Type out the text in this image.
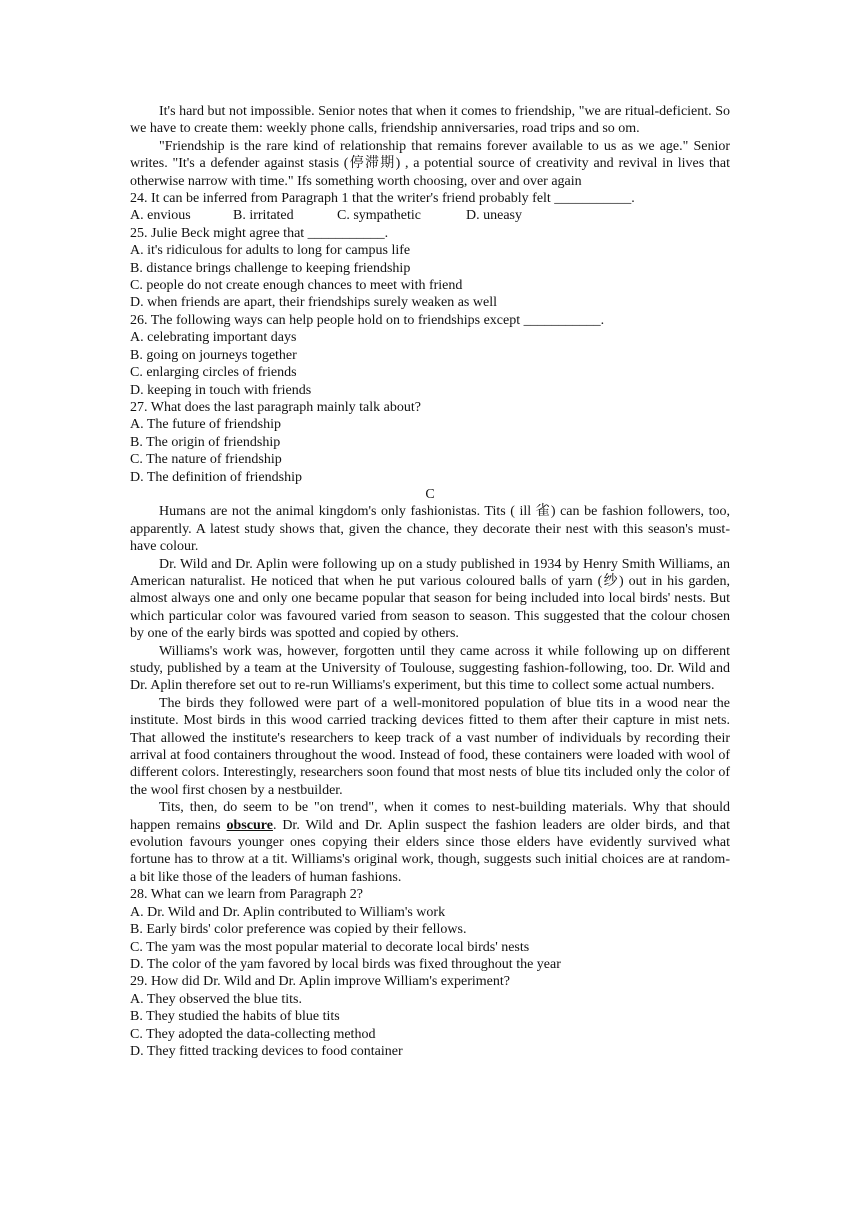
It's hard but not impossible. Senior notes that when it comes to friendship, "we are ritual-deficient. So we have to create them: weekly phone calls, friendship anniversaries, road trips and so om.

"Friendship is the rare kind of relationship that remains forever available to us as we age." Senior writes. "It's a defender against stasis (停滞期) , a potential source of creativity and revival in lives that otherwise narrow with time." Ifs something worth choosing, over and over again

24. It can be inferred from Paragraph 1 that the writer's friend probably felt ___________.

A. envious	B. irritated	C. sympathetic	D. uneasy

25. Julie Beck might agree that ___________.

A. it's ridiculous for adults to long for campus life

B. distance brings challenge to keeping friendship

C. people do not create enough chances to meet with friend

D. when friends are apart, their friendships surely weaken as well

26. The following ways can help people hold on to friendships except ___________.

A. celebrating important days

B. going on journeys together

C. enlarging circles of friends

D. keeping in touch with friends

27. What does the last paragraph mainly talk about?

A. The future of friendship

B. The origin of friendship

C. The nature of friendship

D. The definition of friendship

C

Humans are not the animal kingdom's only fashionistas. Tits ( ill 雀) can be fashion followers, too, apparently. A latest study shows that, given the chance, they decorate their nest with this season's must-have colour.

Dr. Wild and Dr. Aplin were following up on a study published in 1934 by Henry Smith Williams, an American naturalist. He noticed that when he put various coloured balls of yarn (纱) out in his garden, almost always one and only one became popular that season for being included into local birds' nests. But which particular color was favoured varied from season to season. This suggested that the colour chosen by one of the early birds was spotted and copied by others.

Williams's work was, however, forgotten until they came across it while following up on different study, published by a team at the University of Toulouse, suggesting fashion-following, too. Dr. Wild and Dr. Aplin therefore set out to re-run Williams's experiment, but this time to collect some actual numbers.

The birds they followed were part of a well-monitored population of blue tits in a wood near the institute. Most birds in this wood carried tracking devices fitted to them after their capture in mist nets. That allowed the institute's researchers to keep track of a vast number of individuals by recording their arrival at food containers throughout the wood. Instead of food, these containers were loaded with wool of different colors. Interestingly, researchers soon found that most nests of blue tits included only the color of the wool first chosen by a nestbuilder.

Tits, then, do seem to be "on trend", when it comes to nest-building materials. Why that should happen remains obscure. Dr. Wild and Dr. Aplin suspect the fashion leaders are older birds, and that evolution favours younger ones copying their elders since those elders have evidently survived what fortune has to throw at a tit. Williams's original work, though, suggests such initial choices are at random- a bit like those of the leaders of human fashions.

28. What can we learn from Paragraph 2?

A. Dr. Wild and Dr. Aplin contributed to William's work

B. Early birds' color preference was copied by their fellows.

C. The yam was the most popular material to decorate local birds' nests

D. The color of the yam favored by local birds was fixed throughout the year

29. How did Dr. Wild and Dr. Aplin improve William's experiment?

A. They observed the blue tits.

B. They studied the habits of blue tits

C. They adopted the data-collecting method

D. They fitted tracking devices to food container
